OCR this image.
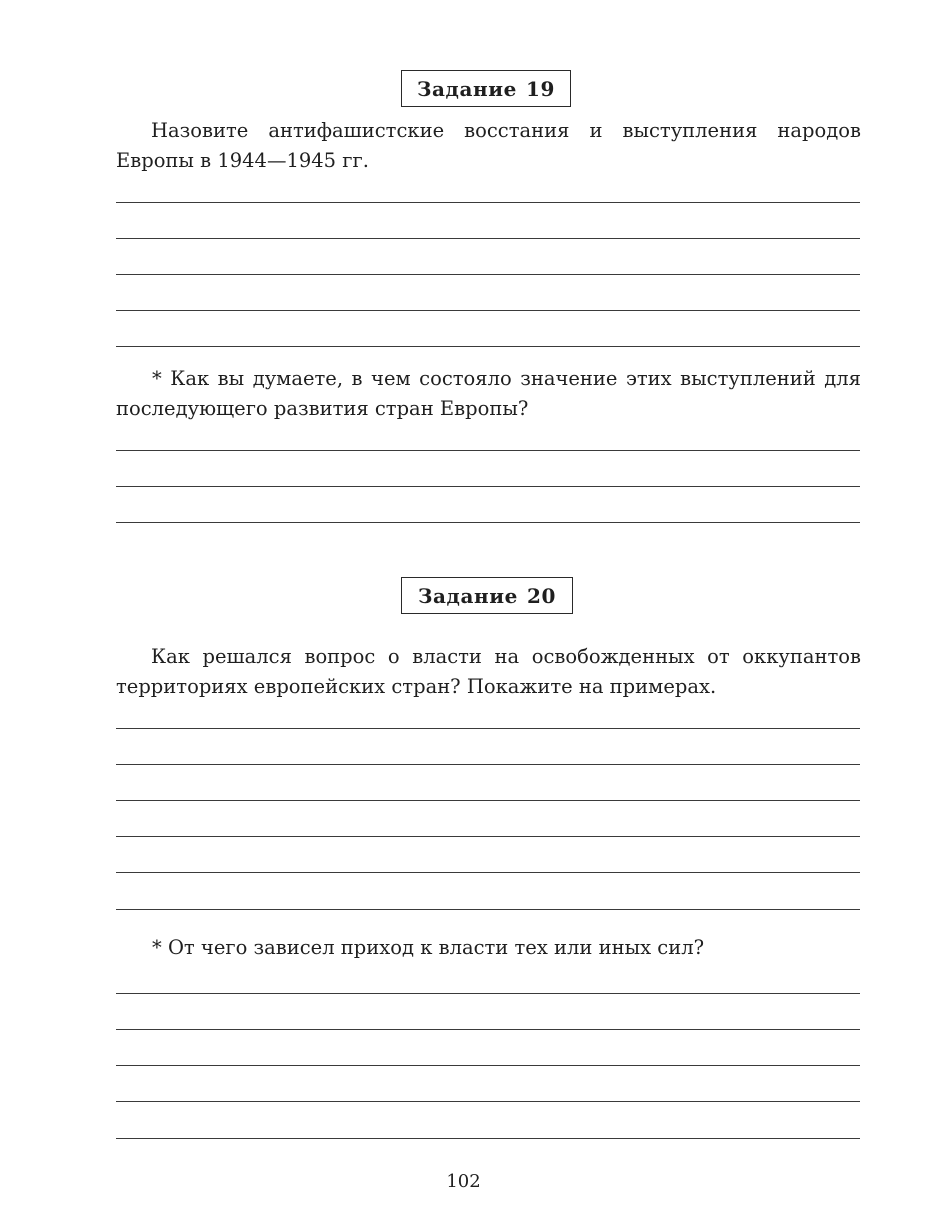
Задание 19

Назовите антифашистские восстания и выступления народов Европы в 1944—1945 гг.

* Как вы думаете, в чем состояло значение этих выступлений для последующего развития стран Европы?

Задание 20

Как решался вопрос о власти на освобожденных от оккупантов территориях европейских стран? Покажите на примерах.

* От чего зависел приход к власти тех или иных сил?

102
